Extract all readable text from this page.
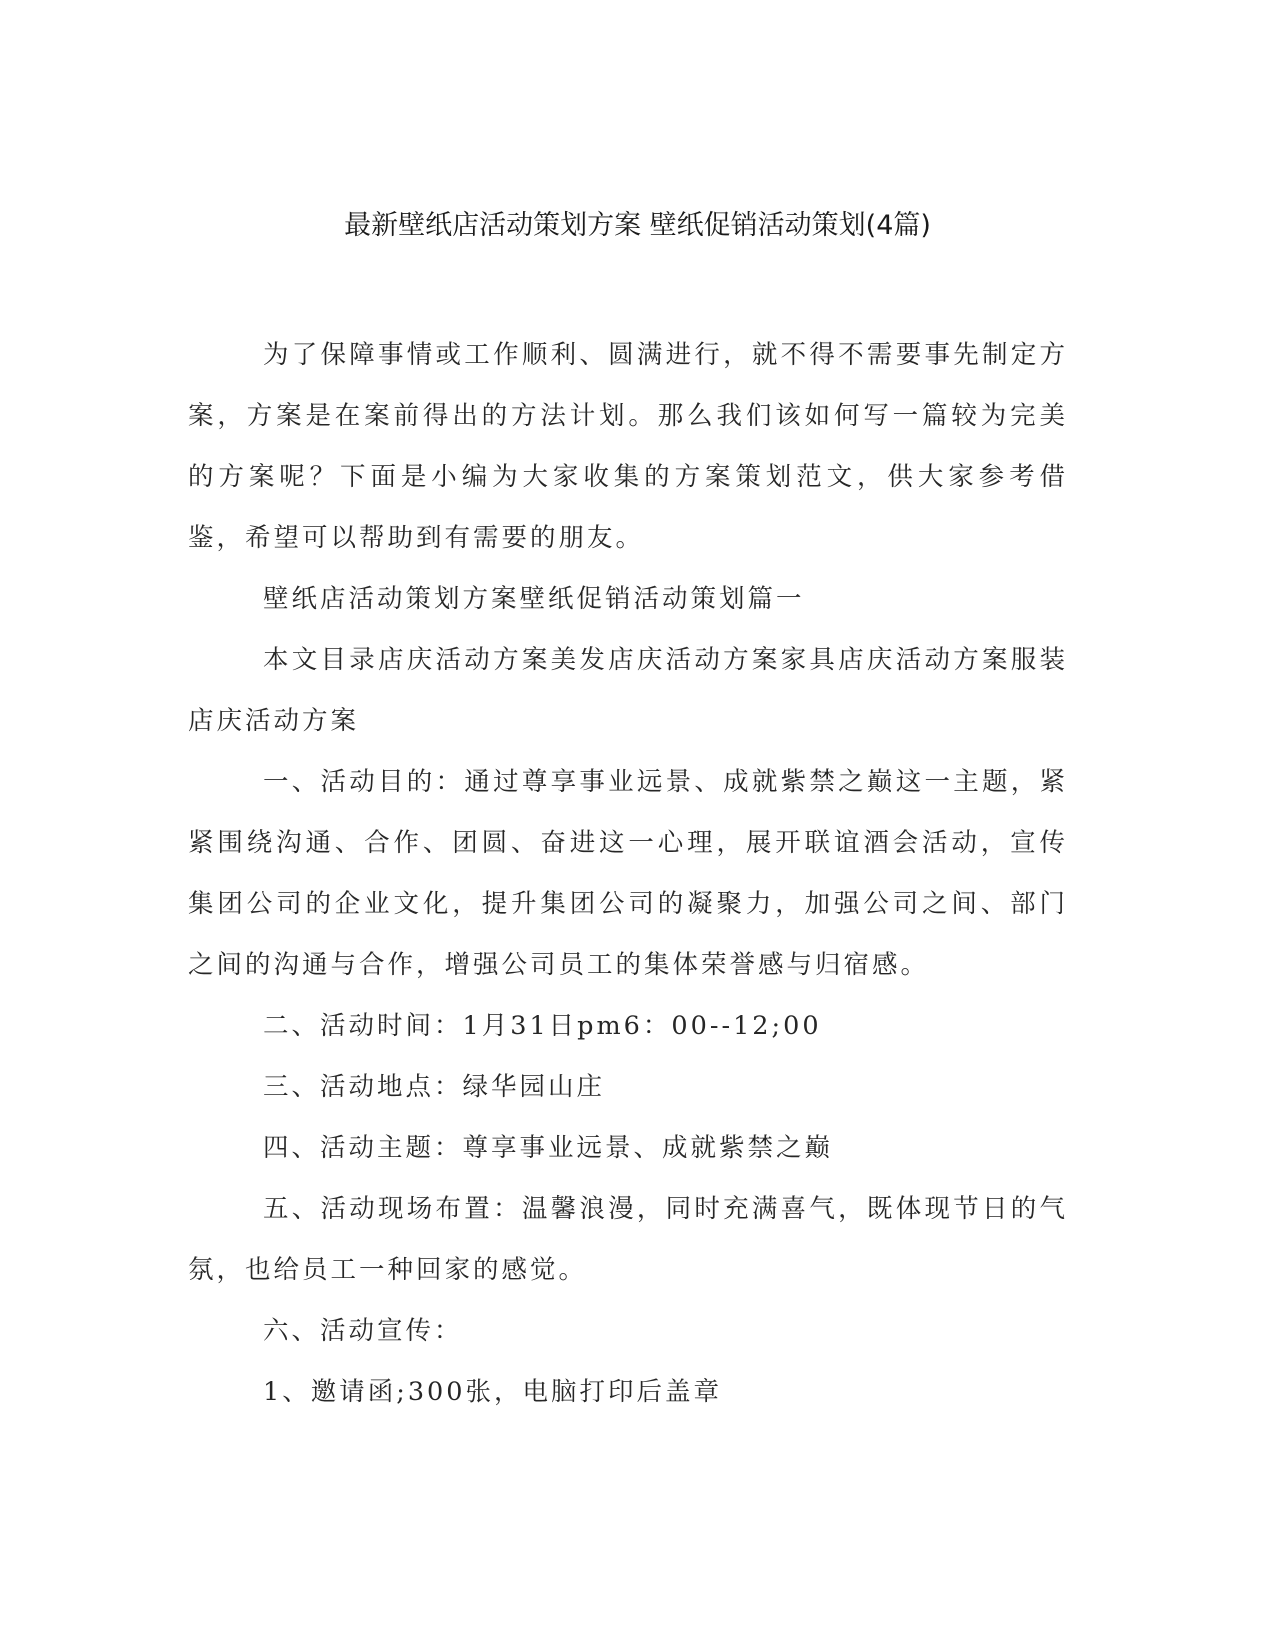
最新壁纸店活动策划方案 壁纸促销活动策划(4篇)

为了保障事情或工作顺利、圆满进行，就不得不需要事先制定方案，方案是在案前得出的方法计划。那么我们该如何写一篇较为完美的方案呢？下面是小编为大家收集的方案策划范文，供大家参考借鉴，希望可以帮助到有需要的朋友。

壁纸店活动策划方案壁纸促销活动策划篇一

本文目录店庆活动方案美发店庆活动方案家具店庆活动方案服装店庆活动方案

一、活动目的：通过尊享事业远景、成就紫禁之巅这一主题，紧紧围绕沟通、合作、团圆、奋进这一心理，展开联谊酒会活动，宣传集团公司的企业文化，提升集团公司的凝聚力，加强公司之间、部门之间的沟通与合作，增强公司员工的集体荣誉感与归宿感。

二、活动时间：1月31日pm6：00--12;00

三、活动地点：绿华园山庄

四、活动主题：尊享事业远景、成就紫禁之巅

五、活动现场布置：温馨浪漫，同时充满喜气，既体现节日的气氛，也给员工一种回家的感觉。

六、活动宣传：

1、邀请函;300张，电脑打印后盖章
